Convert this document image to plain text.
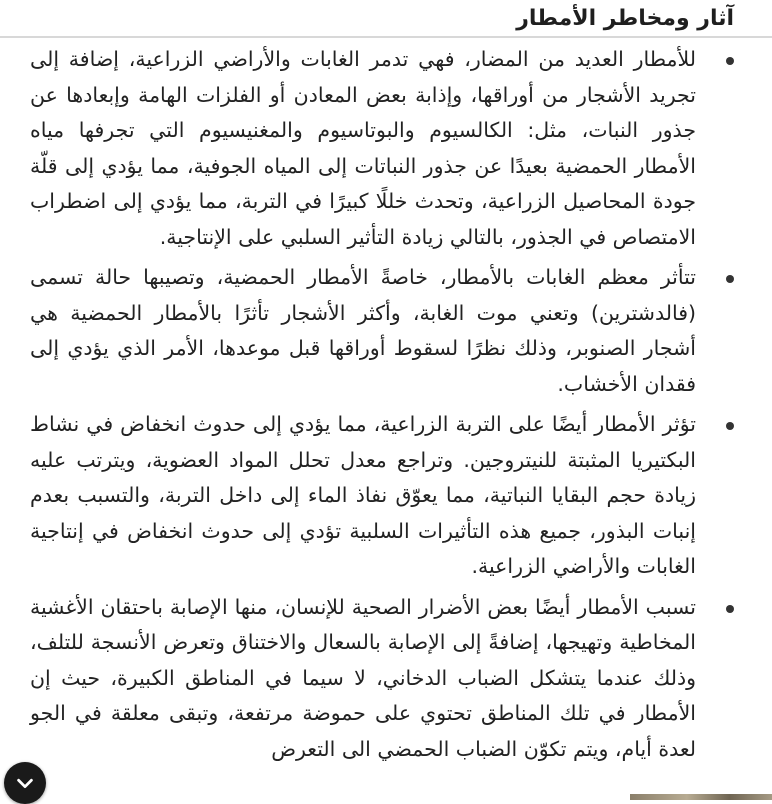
آثار ومخاطر الأمطار
للأمطار العديد من المضار، فهي تدمر الغابات والأراضي الزراعية، إضافة إلى تجريد الأشجار من أوراقها، وإذابة بعض المعادن أو الفلزات الهامة وإبعادها عن جذور النبات، مثل: الكالسيوم والبوتاسيوم والمغنيسيوم التي تجرفها مياه الأمطار الحمضية بعيدًا عن جذور النباتات إلى المياه الجوفية، مما يؤدي إلى قلّة جودة المحاصيل الزراعية، وتحدث خللًا كبيرًا في التربة، مما يؤدي إلى اضطراب الامتصاص في الجذور، بالتالي زيادة التأثير السلبي على الإنتاجية.
تتأثر معظم الغابات بالأمطار، خاصةً الأمطار الحمضية، وتصيبها حالة تسمى (فالدشترين) وتعني موت الغابة، وأكثر الأشجار تأثرًا بالأمطار الحمضية هي أشجار الصنوبر، وذلك نظرًا لسقوط أوراقها قبل موعدها، الأمر الذي يؤدي إلى فقدان الأخشاب.
تؤثر الأمطار أيضًا على التربة الزراعية، مما يؤدي إلى حدوث انخفاض في نشاط البكتيريا المثبتة للنيتروجين. وتراجع معدل تحلل المواد العضوية، ويترتب عليه زيادة حجم البقايا النباتية، مما يعوّق نفاذ الماء إلى داخل التربة، والتسبب بعدم إنبات البذور، جميع هذه التأثيرات السلبية تؤدي إلى حدوث انخفاض في إنتاجية الغابات والأراضي الزراعية.
تسبب الأمطار أيضًا بعض الأضرار الصحية للإنسان، منها الإصابة باحتقان الأغشية المخاطية وتهيجها، إضافةً إلى الإصابة بالسعال والاختناق وتعرض الأنسجة للتلف، وذلك عندما يتشكل الضباب الدخاني، لا سيما في المناطق الكبيرة، حيث إن الأمطار في تلك المناطق تحتوي على حموضة مرتفعة، وتبقى معلقة في الجو لعدة أيام، ويتم تكوّن الضباب الحمضي الى التعرض
